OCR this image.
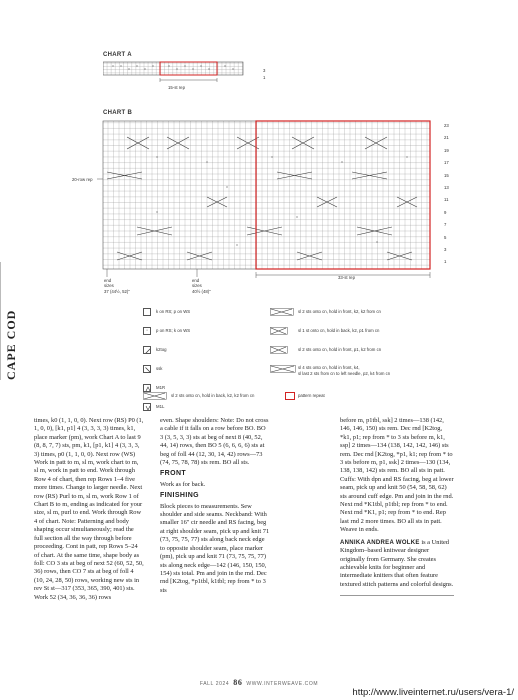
CAPE COD
CHART A
3
1
15-st rep
CHART B
20-row rep
23
21
19
17
15
13
11
9
7
5
3
1
end
sizes
37 (44½, 52)"
end
sizes
40½ (48)"
33-st rep
k on RS; p on WS
·	p on RS; k on WS
k2tog
ssk
M1R
M1L
sl 2 sts onto cn, hold in front, k2, k2 from cn
sl 1 st onto cn, hold in back, k2, p1 from cn
sl 2 sts onto cn, hold in front, p1, k2 from cn
sl 4 sts onto cn, hold in front, k4,
sl last 2 sts from cn to left needle, p2, k4 from cn
pattern repeat
sl 2 sts onto cn, hold in back, k2, k2 from cn

times, k0 (1, 1, 0, 0). Next row (RS) P0 (1, 1, 0, 0), [k1, p1] 4 (3, 3, 3, 3) times, k1, place marker (pm), work Chart A to last 9 (8, 8, 7, 7) sts, pm, k1, [p1, k1] 4 (3, 3, 3, 3) times, p0 (1, 1, 0, 0). Next row (WS) Work in patt to m, sl m, work chart to m, sl m, work in patt to end. Work through Row 4 of chart, then rep Rows 1–4 five more times. Change to larger needle. Next row (RS) Purl to m, sl m, work Row 1 of Chart B to m, ending as indicated for your size, sl m, purl to end. Work through Row 4 of chart. Note: Patterning and body shaping occur simultaneously; read the full section all the way through before proceeding. Cont in patt, rep Rows 5–24 of chart. At the same time, shape body as foll: CO 3 sts at beg of next 52 (60, 52, 50, 36) rows, then CO 7 sts at beg of foll 4 (10, 24, 28, 50) rows, working new sts in rev St st—317 (353, 365, 390, 401) sts. Work 52 (34, 36, 36, 36) rows

even. Shape shoulders: Note: Do not cross a cable if it falls on a row before BO. BO 3 (3, 5, 3, 3) sts at beg of next 8 (40, 52, 44, 14) rows, then BO 5 (6, 6, 6, 6) sts at beg of foll 44 (12, 30, 14, 42) rows—73 (74, 75, 78, 78) sts rem. BO all sts.

FRONT

Work as for back.

FINISHING

Block pieces to measurements. Sew shoulder and side seams. Neckband: With smaller 16" cir needle and RS facing, beg at right shoulder seam, pick up and knit 71 (73, 75, 75, 77) sts along back neck edge to opposite shoulder seam, place marker (pm), pick up and knit 71 (73, 75, 75, 77) sts along neck edge—142 (146, 150, 150, 154) sts total. Pm and join in the rnd. Dec rnd [K2tog, *p1tbl, k1tbl; rep from * to 3 sts

before m, p1tbl, ssk] 2 times—138 (142, 146, 146, 150) sts rem. Dec rnd [K2tog, *k1, p1; rep from * to 3 sts before m, k1, ssp] 2 times—134 (138, 142, 142, 146) sts rem. Dec rnd [K2tog, *p1, k1; rep from * to 3 sts before m, p1, ssk] 2 times—130 (134, 138, 138, 142) sts rem. BO all sts in patt. Cuffs: With dpn and RS facing, beg at lower seam, pick up and knit 50 (54, 58, 58, 62) sts around cuff edge. Pm and join in the rnd. Next rnd *K1tbl, p1tbl; rep from * to end. Next rnd *K1, p1; rep from * to end. Rep last rnd 2 more times. BO all sts in patt. Weave in ends.

ANNIKA ANDREA WOLKE is a United Kingdom–based knitwear designer originally from Germany. She creates achievable knits for beginner and intermediate knitters that often feature textured stitch patterns and colorful designs.

FALL 2024 86 WWW.INTERWEAVE.COM
http://www.liveinternet.ru/users/vera-1/
